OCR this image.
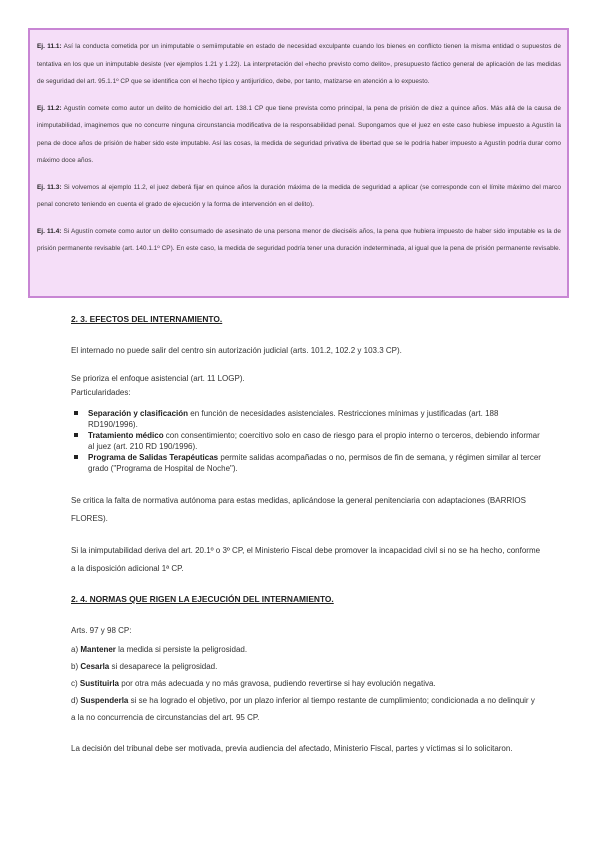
Ej. 11.1: Así la conducta cometida por un inimputable o semiimputable en estado de necesidad exculpante cuando los bienes en conflicto tienen la misma entidad o supuestos de tentativa en los que un inimputable desiste (ver ejemplos 1.21 y 1.22). La interpretación del «hecho previsto como delito», presupuesto fáctico general de aplicación de las medidas de seguridad del art. 95.1.1º CP que se identifica con el hecho típico y antijurídico, debe, por tanto, matizarse en atención a lo expuesto.

Ej. 11.2: Agustín comete como autor un delito de homicidio del art. 138.1 CP que tiene prevista como principal, la pena de prisión de diez a quince años. Más allá de la causa de inimputabilidad, imaginemos que no concurre ninguna circunstancia modificativa de la responsabilidad penal. Supongamos que el juez en este caso hubiese impuesto a Agustín la pena de doce años de prisión de haber sido este imputable. Así las cosas, la medida de seguridad privativa de libertad que se le podría haber impuesto a Agustín podría durar como máximo doce años.

Ej. 11.3: Si volvemos al ejemplo 11.2, el juez deberá fijar en quince años la duración máxima de la medida de seguridad a aplicar (se corresponde con el límite máximo del marco penal concreto teniendo en cuenta el grado de ejecución y la forma de intervención en el delito).

Ej. 11.4: Si Agustín comete como autor un delito consumado de asesinato de una persona menor de dieciséis años, la pena que hubiera impuesto de haber sido imputable es la de prisión permanente revisable (art. 140.1.1º CP). En este caso, la medida de seguridad podría tener una duración indeterminada, al igual que la pena de prisión permanente revisable.

2. 3. EFECTOS DEL INTERNAMIENTO.

El internado no puede salir del centro sin autorización judicial (arts. 101.2, 102.2 y 103.3 CP).

Se prioriza el enfoque asistencial (art. 11 LOGP).

Particularidades:

Separación y clasificación en función de necesidades asistenciales. Restricciones mínimas y justificadas (art. 188 RD190/1996).
Tratamiento médico con consentimiento; coercitivo solo en caso de riesgo para el propio interno o terceros, debiendo informar al juez (art. 210 RD 190/1996).
Programa de Salidas Terapéuticas permite salidas acompañadas o no, permisos de fin de semana, y régimen similar al tercer grado ("Programa de Hospital de Noche").

Se critica la falta de normativa autónoma para estas medidas, aplicándose la general penitenciaria con adaptaciones (BARRIOS FLORES).

Si la inimputabilidad deriva del art. 20.1º o 3º CP, el Ministerio Fiscal debe promover la incapacidad civil si no se ha hecho, conforme a la disposición adicional 1ª CP.

2. 4. NORMAS QUE RIGEN LA EJECUCIÓN DEL INTERNAMIENTO.

Arts. 97 y 98 CP:

a) Mantener la medida si persiste la peligrosidad.
b) Cesarla si desaparece la peligrosidad.
c) Sustituirla por otra más adecuada y no más gravosa, pudiendo revertirse si hay evolución negativa.
d) Suspenderla si se ha logrado el objetivo, por un plazo inferior al tiempo restante de cumplimiento; condicionada a no delinquir y a la no concurrencia de circunstancias del art. 95 CP.

La decisión del tribunal debe ser motivada, previa audiencia del afectado, Ministerio Fiscal, partes y víctimas si lo solicitaron.
